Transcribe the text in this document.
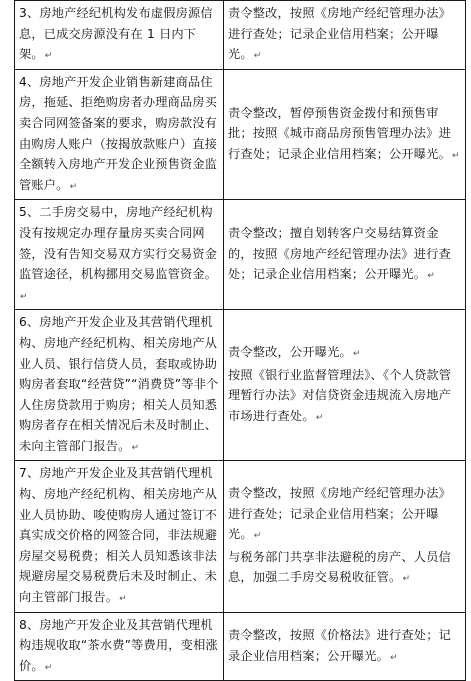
3、房地产经纪机构发布虚假房源信息，已成交房源没有在 1 日内下架。↵	责令整改，按照《房地产经纪管理办法》进行查处；记录企业信用档案；公开曝光。↵
4、房地产开发企业销售新建商品住房，拖延、拒绝购房者办理商品房买卖合同网签备案的要求，购房款没有由购房人账户（按揭放款账户）直接全额转入房地产开发企业预售资金监管账户。↵	责令整改，暂停预售资金拨付和预售审批；按照《城市商品房预售管理办法》进行查处；记录企业信用档案；公开曝光。↵
5、二手房交易中，房地产经纪机构没有按规定办理存量房买卖合同网签，没有告知交易双方实行交易资金监管途径，机构挪用交易监管资金。↵	责令整改；擅自划转客户交易结算资金的，按照《房地产经纪管理办法》进行查处；记录企业信用档案；公开曝光。↵
6、房地产开发企业及其营销代理机构、房地产经纪机构、相关房地产从业人员、银行信贷人员，套取或协助购房者套取“经营贷”“消费贷”等非个人住房贷款用于购房；相关人员知悉购房者存在相关情况后未及时制止、未向主管部门报告。↵	责令整改，公开曝光。↵
按照《银行业监督管理法》、《个人贷款管理暂行办法》对信贷资金违规流入房地产市场进行查处。↵

7、房地产开发企业及其营销代理机构、房地产经纪机构、相关房地产从业人员协助、唆使购房人通过签订不真实成交价格的网签合同，非法规避房屋交易税费；相关人员知悉该非法规避房屋交易税费后未及时制止、未向主管部门报告。↵	责令整改，按照《房地产经纪管理办法》进行查处；记录企业信用档案；公开曝光。↵
与税务部门共享非法避税的房产、人员信息，加强二手房交易税收征管。↵

8、房地产开发企业及其营销代理机构违规收取“茶水费”等费用，变相涨价。↵	责令整改，按照《价格法》进行查处；记录企业信用档案；公开曝光。↵
